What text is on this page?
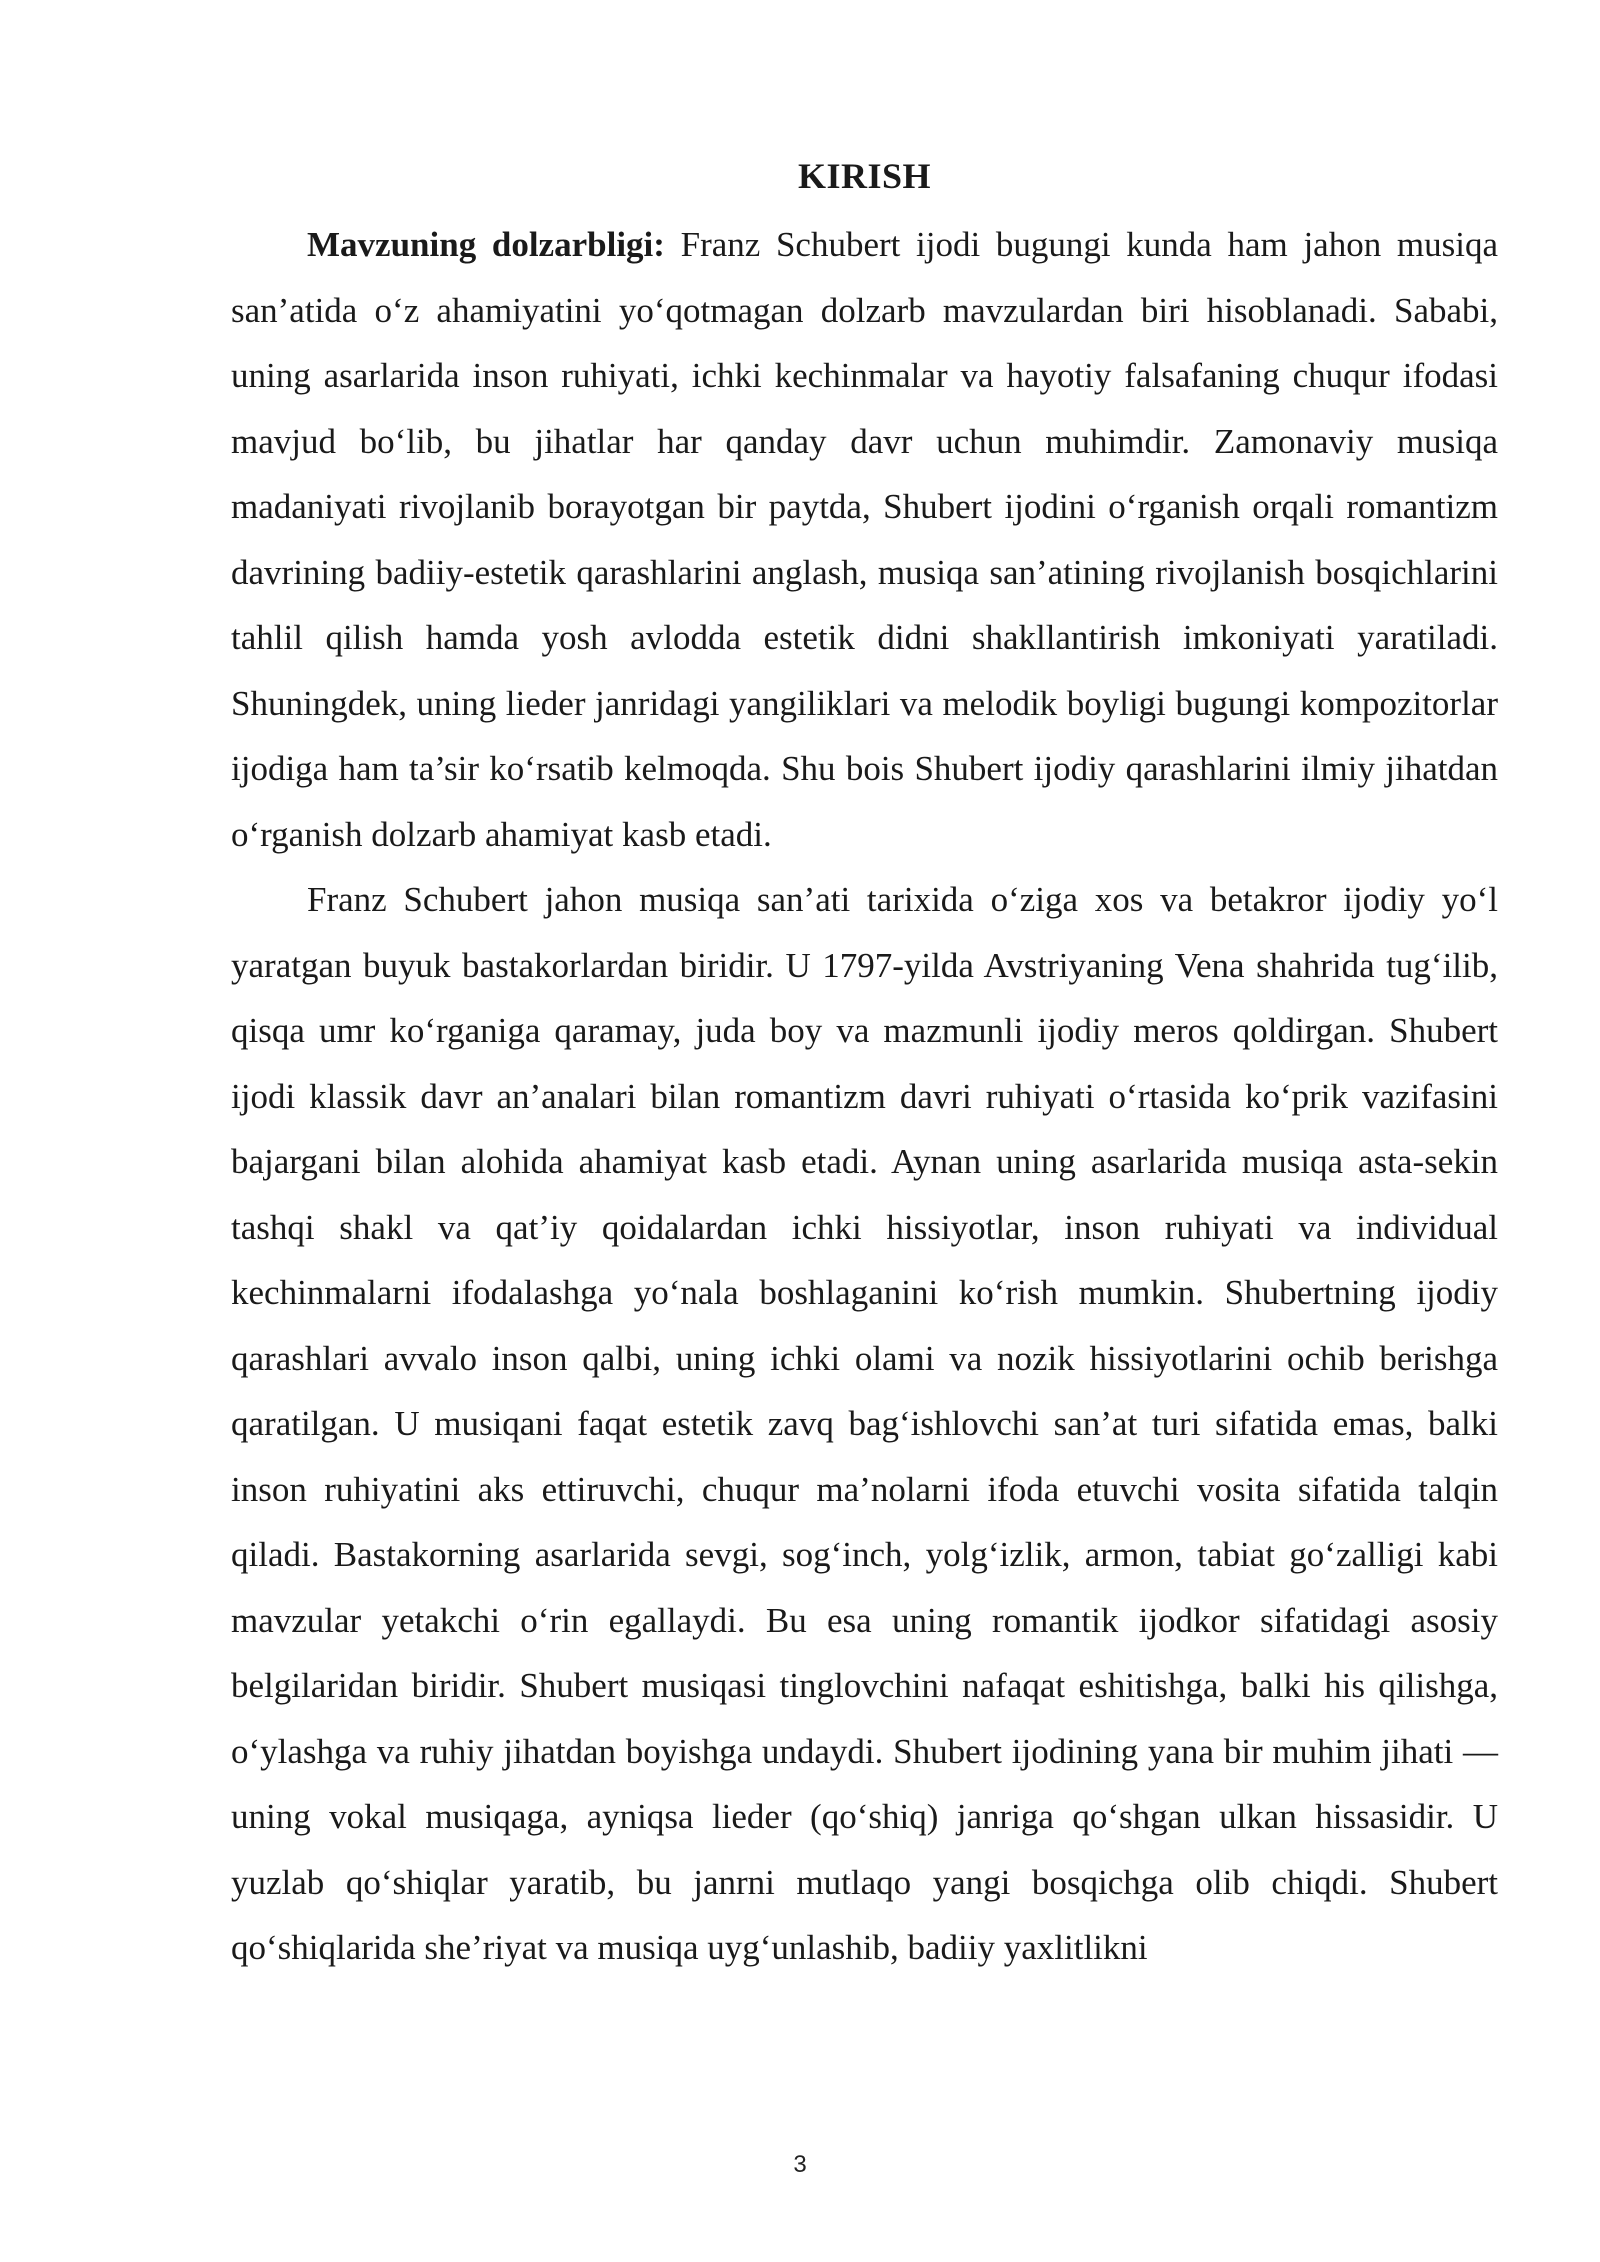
KIRISH

Mavzuning dolzarbligi: Franz Schubert ijodi bugungi kunda ham jahon musiqa san’atida o‘z ahamiyatini yo‘qotmagan dolzarb mavzulardan biri hisoblanadi. Sababi, uning asarlarida inson ruhiyati, ichki kechinmalar va hayotiy falsafaning chuqur ifodasi mavjud bo‘lib, bu jihatlar har qanday davr uchun muhimdir. Zamonaviy musiqa madaniyati rivojlanib borayotgan bir paytda, Shubert ijodini o‘rganish orqali romantizm davrining badiiy-estetik qarashlarini anglash, musiqa san’atining rivojlanish bosqichlarini tahlil qilish hamda yosh avlodda estetik didni shakllantirish imkoniyati yaratiladi. Shuningdek, uning lieder janridagi yangiliklari va melodik boyligi bugungi kompozitorlar ijodiga ham ta’sir ko‘rsatib kelmoqda. Shu bois Shubert ijodiy qarashlarini ilmiy jihatdan o‘rganish dolzarb ahamiyat kasb etadi.

Franz Schubert jahon musiqa san’ati tarixida o‘ziga xos va betakror ijodiy yo‘l yaratgan buyuk bastakorlardan biridir. U 1797-yilda Avstriyaning Vena shahrida tug‘ilib, qisqa umr ko‘rganiga qaramay, juda boy va mazmunli ijodiy meros qoldirgan. Shubert ijodi klassik davr an’analari bilan romantizm davri ruhiyati o‘rtasida ko‘prik vazifasini bajargani bilan alohida ahamiyat kasb etadi. Aynan uning asarlarida musiqa asta-sekin tashqi shakl va qat’iy qoidalardan ichki hissiyotlar, inson ruhiyati va individual kechinmalarni ifodalashga yo‘nala boshlaganini ko‘rish mumkin. Shubertning ijodiy qarashlari avvalo inson qalbi, uning ichki olami va nozik hissiyotlarini ochib berishga qaratilgan. U musiqani faqat estetik zavq bag‘ishlovchi san’at turi sifatida emas, balki inson ruhiyatini aks ettiruvchi, chuqur ma’nolarni ifoda etuvchi vosita sifatida talqin qiladi. Bastakorning asarlarida sevgi, sog‘inch, yolg‘izlik, armon, tabiat go‘zalligi kabi mavzular yetakchi o‘rin egallaydi. Bu esa uning romantik ijodkor sifatidagi asosiy belgilaridan biridir. Shubert musiqasi tinglovchini nafaqat eshitishga, balki his qilishga, o‘ylashga va ruhiy jihatdan boyishga undaydi. Shubert ijodining yana bir muhim jihati — uning vokal musiqaga, ayniqsa lieder (qo‘shiq) janriga qo‘shgan ulkan hissasidir. U yuzlab qo‘shiqlar yaratib, bu janrni mutlaqo yangi bosqichga olib chiqdi. Shubert qo‘shiqlarida she’riyat va musiqa uyg‘unlashib, badiiy yaxlitlikni

3
